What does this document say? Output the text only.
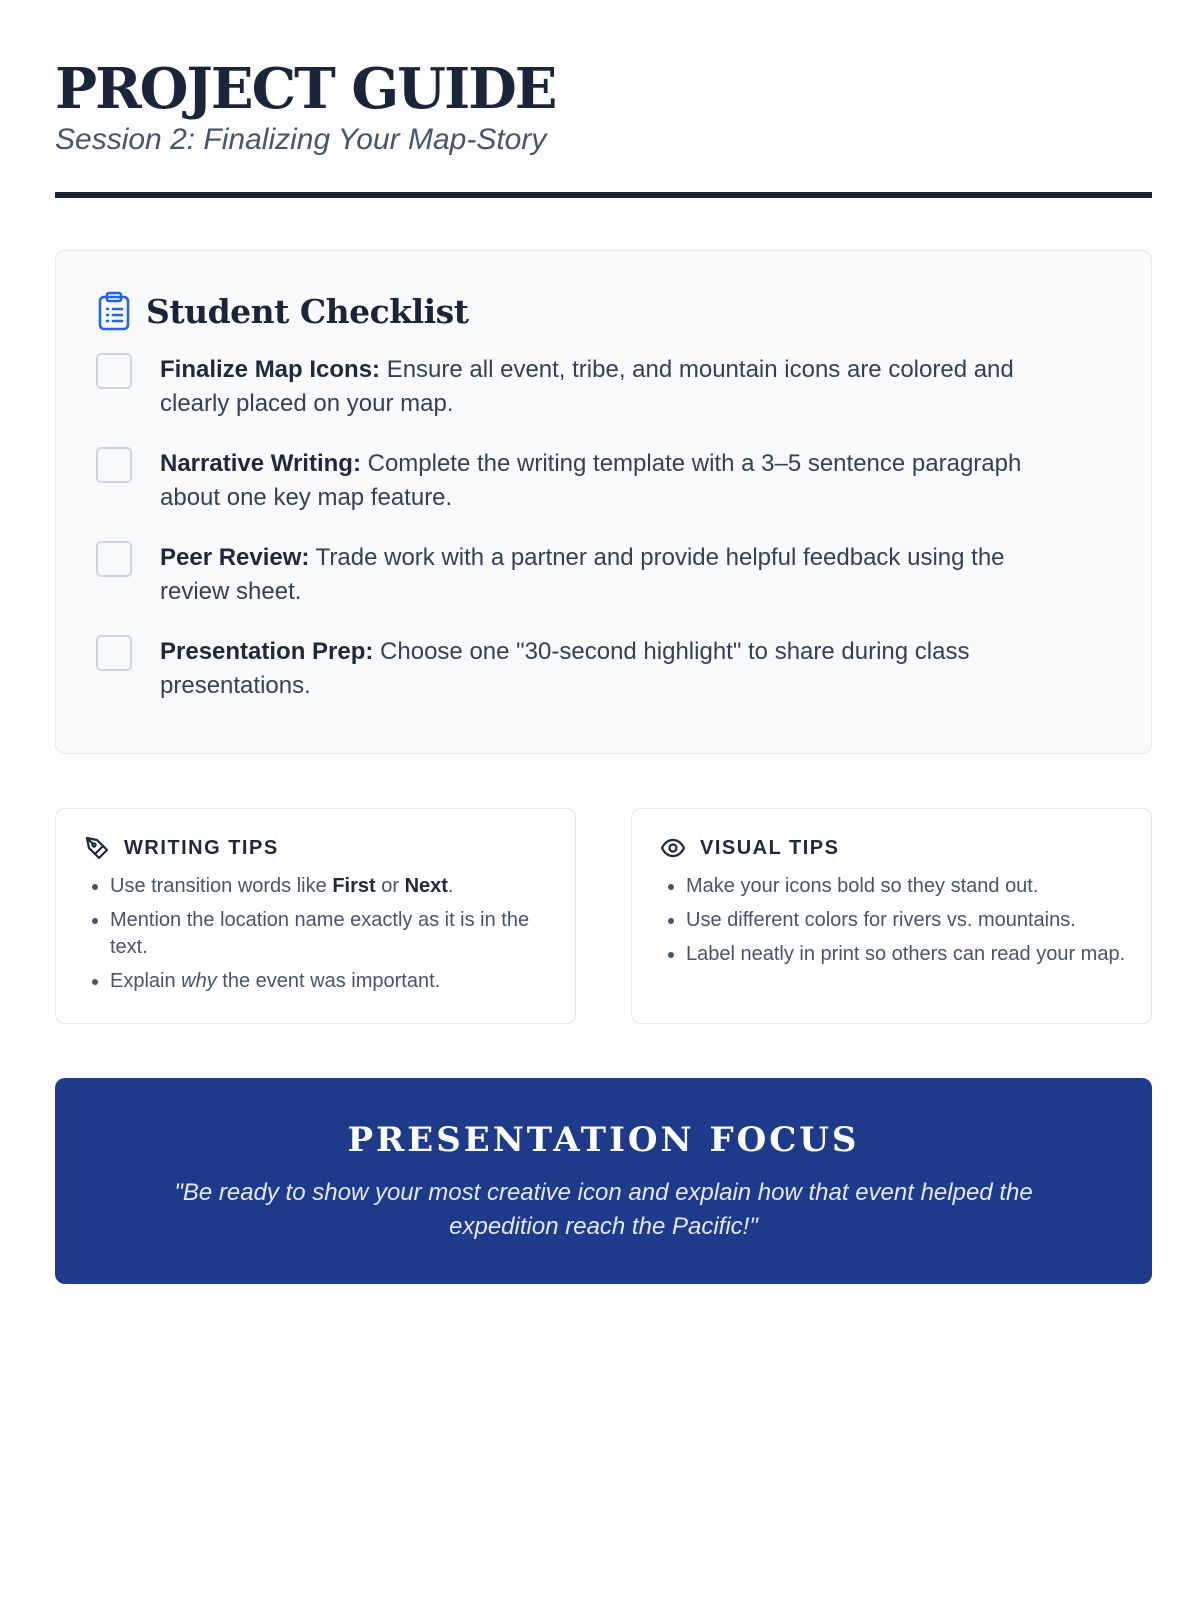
PROJECT GUIDE

Session 2: Finalizing Your Map-Story

Student Checklist
Finalize Map Icons: Ensure all event, tribe, and mountain icons are colored and clearly placed on your map.
Narrative Writing: Complete the writing template with a 3–5 sentence paragraph about one key map feature.
Peer Review: Trade work with a partner and provide helpful feedback using the review sheet.
Presentation Prep: Choose one "30-second highlight" to share during class presentations.
WRITING TIPS
• Use transition words like First or Next.
• Mention the location name exactly as it is in the text.
• Explain why the event was important.
VISUAL TIPS
• Make your icons bold so they stand out.
• Use different colors for rivers vs. mountains.
• Label neatly in print so others can read your map.
PRESENTATION FOCUS

"Be ready to show your most creative icon and explain how that event helped the expedition reach the Pacific!"
